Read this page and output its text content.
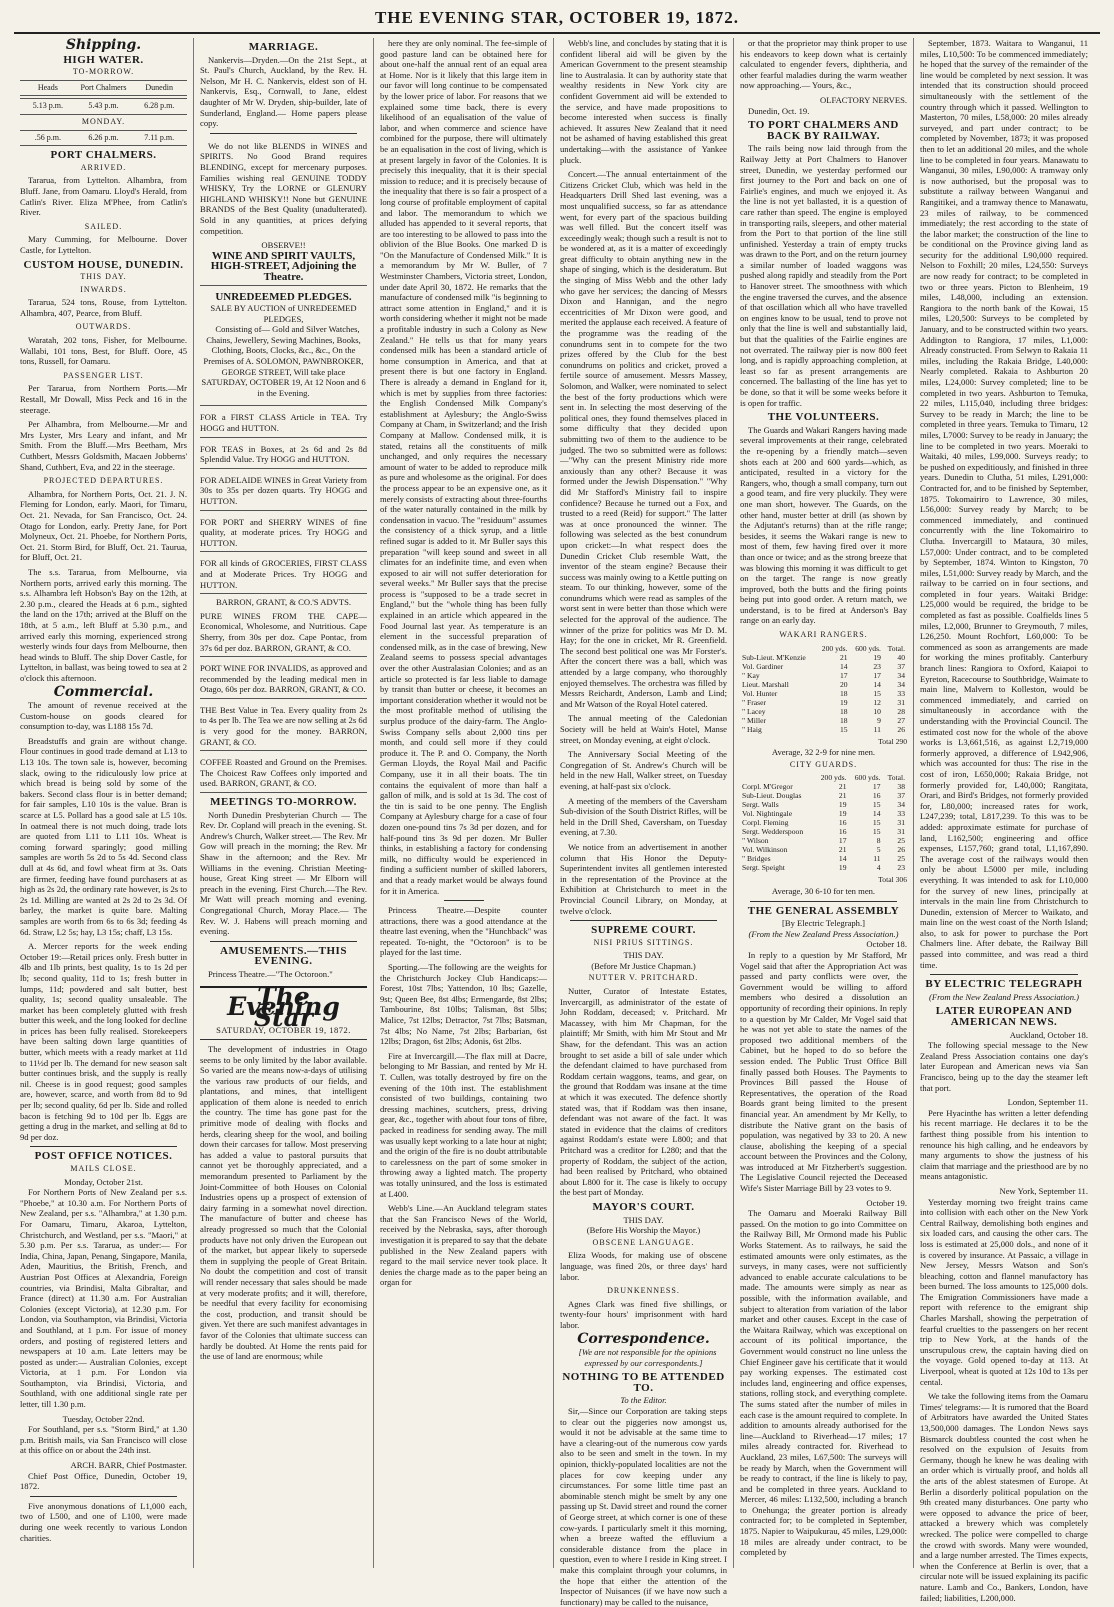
THE EVENING STAR, OCTOBER 19, 1872.
Shipping.
HIGH WATER.
TO-MORROW.
Heads	Port Chalmers	Dunedin
5.13 p.m.	5.43 p.m.	6.28 p.m.
MONDAY.
.56 p.m.	6.26 p.m.	7.11 p.m.
PORT CHALMERS.
ARRIVED.

Tararua, from Lyttelton. Alhambra, from Bluff. Jane, from Oamaru. Lloyd's Herald, from Catlin's River. Eliza M'Phee, from Catlin's River.

SAILED.

Mary Cumming, for Melbourne. Dover Castle, for Lyttelton.

CUSTOM HOUSE, DUNEDIN.
THIS DAY.
INWARDS.

Tararua, 524 tons, Rouse, from Lyttelton. Alhambra, 407, Pearce, from Bluff.

OUTWARDS.

Waratah, 202 tons, Fisher, for Melbourne. Wallabi, 101 tons, Best, for Bluff. Oore, 45 tons, Russell, for Oamaru.

PASSENGER LIST.

Per Tararua, from Northern Ports.—Mr Restall, Mr Dowall, Miss Peck and 16 in the steerage.

Per Alhambra, from Melbourne.—Mr and Mrs Lyster, Mrs Leary and infant, and Mr Smith. From the Bluff.—Mrs Beetham, Mrs Cuthbert, Messrs Goldsmith, Macaen Jobberns' Shand, Cuthbert, Eva, and 22 in the steerage.

PROJECTED DEPARTURES.

Alhambra, for Northern Ports, Oct. 21. J. N. Fleming for London, early. Maori, for Timaru, Oct. 21. Nevada, for San Francisco, Oct. 24. Otago for London, early. Pretty Jane, for Port Molyneux, Oct. 21. Phoebe, for Northern Ports, Oct. 21. Storm Bird, for Bluff, Oct. 21. Taurua, for Bluff, Oct. 21.

The s.s. Tararua, from Melbourne, via Northern ports, arrived early this morning. The s.s. Alhambra left Hobson's Bay on the 12th, at 2.30 p.m., cleared the Heads at 6 p.m., sighted the land on the 17th; arrived at the Bluff on the 18th, at 5 a.m., left Bluff at 5.30 p.m., and arrived early this morning, experienced strong westerly winds four days from Melbourne, then head winds to Bluff. The ship Dover Castle, for Lyttelton, in ballast, was being towed to sea at 2 o'clock this afternoon.

Commercial.

The amount of revenue received at the Custom-house on goods cleared for consumption to-day, was L188 15s 7d.

Breadstuffs and grain are without change. Flour continues in good trade demand at L13 to L13 10s. The town sale is, however, becoming slack, owing to the ridiculously low price at which bread is being sold by some of the bakers. Second class flour is in better demand; for fair samples, L10 10s is the value. Bran is scarce at L5. Pollard has a good sale at L5 10s. In oatmeal there is not much doing, trade lots are quoted from L11 to L11 10s. Wheat is coming forward sparingly; good milling samples are worth 5s 2d to 5s 4d. Second class dull at 4s 6d, and fowl wheat firm at 3s. Oats are firmer, feeding have found purchasers at as high as 2s 2d, the ordinary rate however, is 2s to 2s 1d. Milling are wanted at 2s 2d to 2s 3d. Of barley, the market is quite bare. Malting samples are worth from 6s to 6s 3d; feeding 4s 6d. Straw, L2 5s; hay, L3 15s; chaff, L3 15s.

A. Mercer reports for the week ending October 19:—Retail prices only. Fresh butter in 4lb and 1lb prints, best quality, 1s to 1s 2d per lb; second quality, 11d to 1s; fresh butter in lumps, 11d; powdered and salt butter, best quality, 1s; second quality unsaleable. The market has been completely glutted with fresh butter this week, and the long looked for decline in prices has been fully realised. Storekeepers have been salting down large quantities of butter, which meets with a ready market at 11d to 11½d per lb. The demand for new season salt butter continues brisk, and the supply is really nil. Cheese is in good request; good samples are, however, scarce, and worth from 8d to 9d per lb; second quality, 6d per lb. Side and rolled bacon is fetching 9d to 10d per lb. Eggs are getting a drug in the market, and selling at 8d to 9d per doz.

POST OFFICE NOTICES.
MAILS CLOSE.
Monday, October 21st.

For Northern Ports of New Zealand per s.s. "Phoebe," at 10.30 a.m. For Northern Ports of New Zealand, per s.s. "Alhambra," at 1.30 p.m. For Oamaru, Timaru, Akaroa, Lyttelton, Christchurch, and Westland, per s.s. "Maori," at 5.30 p.m. Per s.s. Tararua, as under:— For India, China, Japan, Penang, Singapore, Manila, Aden, Mauritius, the British, French, and Austrian Post Offices at Alexandria, Foreign countries, via Brindisi, Malta Gibraltar, and France (direct) at 11.30 a.m. For Australian Colonies (except Victoria), at 12.30 p.m. For London, via Southampton, via Brindisi, Victoria and Southland, at 1 p.m. For issue of money orders, and posting of registered letters and newspapers at 10 a.m. Late letters may be posted as under:— Australian Colonies, except Victoria, at 1 p.m. For London via Southampton, via Brindisi, Victoria, and Southland, with one additional single rate per letter, till 1.30 p.m.

Tuesday, October 22nd.

For Southland, per s.s. "Storm Bird," at 1.30 p.m. British mails, via San Francisco will close at this office on or about the 24th inst.

ARCH. BARR, Chief Postmaster.

Chief Post Office, Dunedin, October 19, 1872.

Five anonymous donations of L1,000 each, two of L500, and one of L100, were made during one week recently to various London charities.

MARRIAGE.

Nankervis—Dryden.—On the 21st Sept., at St. Paul's Church, Auckland, by the Rev. H. Nelson, Mr H. C. Nankervis, eldest son of H. Nankervis, Esq., Cornwall, to Jane, eldest daughter of Mr W. Dryden, ship-builder, late of Sunderland, England.— Home papers please copy.

We do not like BLENDS in WINES and SPIRITS. No Good Brand requires BLENDING, except for mercenary purposes. Families wishing real GENUINE TODDY WHISKY, Try the LORNE or GLENURY HIGHLAND WHISKY!! None but GENUINE BRANDS of the Best Quality (unadulterated). Sold in any quantities, at prices defying competition.

OBSERVE!!
WINE AND SPIRIT VAULTS, HIGH-STREET, Adjoining the Theatre.
UNREDEEMED PLEDGES.
SALE BY AUCTION of UNREDEEMED PLEDGES,

Consisting of— Gold and Silver Watches, Chains, Jewellery, Sewing Machines, Books, Clothing, Boots, Clocks, &c., &c., On the Premises of A. SOLOMON, PAWNBROKER, GEORGE STREET, Will take place SATURDAY, OCTOBER 19, At 12 Noon and 6 in the Evening.

FOR a FIRST CLASS Article in TEA. Try HOGG and HUTTON.
FOR TEAS in Boxes, at 2s 6d and 2s 8d Splendid Value. Try HOGG and HUTTON.
FOR ADELAIDE WINES in Great Variety from 30s to 35s per dozen quarts. Try HOGG and HUTTON.
FOR PORT and SHERRY WINES of fine quality, at moderate prices. Try HOGG and HUTTON.
FOR all kinds of GROCERIES, FIRST CLASS and at Moderate Prices. Try HOGG and HUTTON.
BARRON, GRANT, & CO.'S ADVTS.
PURE WINES FROM THE CAPE— Economical, Wholesome, and Nutritious. Cape Sherry, from 30s per doz. Cape Pontac, from 37s 6d per doz. BARRON, GRANT, & CO.
PORT WINE FOR INVALIDS, as approved and recommended by the leading medical men in Otago, 60s per doz. BARRON, GRANT, & CO.
THE Best Value in Tea. Every quality from 2s to 4s per lb. The Tea we are now selling at 2s 6d is very good for the money. BARRON, GRANT, & CO.
COFFEE Roasted and Ground on the Premises. The Choicest Raw Coffees only imported and used. BARRON, GRANT, & CO.
MEETINGS TO-MORROW.

North Dunedin Presbyterian Church — The Rev. Dr. Copland will preach in the evening. St. Andrew's Church, Walker street.— The Rev. Mr Gow will preach in the morning; the Rev. Mr Shaw in the afternoon; and the Rev. Mr Williams in the evening. Christian Meeting-house, Great King street — Mr Elborn will preach in the evening. First Church.—The Rev. Mr Watt will preach morning and evening. Congregational Church, Moray Place.— The Rev. W. J. Habens will preach morning and evening.

AMUSEMENTS.—THIS EVENING.

Princess Theatre.—"The Octoroon."

The Evening Star
SATURDAY, OCTOBER 19, 1872.

The development of industries in Otago seems to be only limited by the labor available. So varied are the means now-a-days of utilising the various raw products of our fields, and plantations, and mines, that intelligent application of them alone is needed to enrich the country. The time has gone past for the primitive mode of dealing with flocks and herds, clearing sheep for the wool, and boiling down their carcases for tallow. Most preserving has added a value to pastoral pursuits that cannot yet be thoroughly appreciated, and a memorandum presented to Parliament by the Joint-Committee of both Houses on Colonial Industries opens up a prospect of extension of dairy farming in a somewhat novel direction. The manufacture of butter and cheese has already progressed so much that the Colonial products have not only driven the European out of the market, but appear likely to supersede them in supplying the people of Great Britain. No doubt the competition and cost of transit will render necessary that sales should be made at very moderate profits; and it will, therefore, be needful that every facility for economising the cost, production, and transit should be given. Yet there are such manifest advantages in favor of the Colonies that ultimate success can hardly be doubted. At Home the rents paid for the use of land are enormous; while

here they are only nominal. The fee-simple of good pasture land can be obtained here for about one-half the annual rent of an equal area at Home. Nor is it likely that this large item in our favor will long continue to be compensated by the lower price of labor. For reasons that we explained some time back, there is every likelihood of an equalisation of the value of labor, and when commerce and science have combined for the purpose, there will ultimately be an equalisation in the cost of living, which is at present largely in favor of the Colonies. It is precisely this inequality, that it is their special mission to reduce; and it is precisely because of the inequality that there is so fair a prospect of a long course of profitable employment of capital and labor. The memorandum to which we alluded has appended to it several reports, that are too interesting to be allowed to pass into the oblivion of the Blue Books. One marked D is "On the Manufacture of Condensed Milk." It is a memorandum by Mr W. Buller, of 7 Westminster Chambers, Victoria street, London, under date April 30, 1872. He remarks that the manufacture of condensed milk "is beginning to attract some attention in England," and it is worth considering whether it might not be made a profitable industry in such a Colony as New Zealand." He tells us that for many years condensed milk has been a standard article of home consumption in America, and that at present there is but one factory in England. There is already a demand in England for it, which is met by supplies from three factories: the English Condensed Milk Company's establishment at Aylesbury; the Anglo-Swiss Company at Cham, in Switzerland; and the Irish Company at Mallow. Condensed milk, it is stated, retains all the constituents of milk unchanged, and only requires the necessary amount of water to be added to reproduce milk as pure and wholesome as the original. For does the process appear to be an expensive one, as it merely consists of extracting about three-fourths of the water naturally contained in the milk by condensation in vacuo. The "residuum" assumes the consistency of a thick syrup, and a little refined sugar is added to it. Mr Buller says this preparation "will keep sound and sweet in all climates for an indefinite time, and even when exposed to air will not suffer deterioration for several weeks." Mr Buller says that the precise process is "supposed to be a trade secret in England," but the "whole thing has been fully explained in an article which appeared in the Food Journal last year. As temperature is an element in the successful preparation of condensed milk, as in the case of brewing, New Zealand seems to possess special advantages over the other Australasian Colonies; and as an article so protected is far less liable to damage by transit than butter or cheese, it becomes an important consideration whether it would not be the most profitable method of utilising the surplus produce of the dairy-farm. The Anglo-Swiss Company sells about 2,000 tins per month, and could sell more if they could produce it. The P. and O. Company, the North German Lloyds, the Royal Mail and Pacific Company, use it in all their boats. The tin contains the equivalent of more than half a gallon of milk, and is sold at 1s 3d. The cost of the tin is said to be one penny. The English Company at Aylesbury charge for a case of four dozen one-pound tins 7s 3d per dozen, and for half-pound tins 3s 9d per dozen. Mr Buller thinks, in establishing a factory for condensing milk, no difficulty would be experienced in finding a sufficient number of skilled laborers, and that a ready market would be always found for it in America.

Princess Theatre.—Despite counter attractions, there was a good attendance at the theatre last evening, when the "Hunchback" was repeated. To-night, the "Octoroon" is to be played for the last time.

Sporting.—The following are the weights for the Christchurch Jockey Club Handicaps:—Forest, 10st 7lbs; Yattendon, 10 lbs; Gazelle, 9st; Queen Bee, 8st 4lbs; Ermengarde, 8st 2lbs; Tambourine, 8st 10lbs; Talisman, 8st 5lbs; Malice, 7st 12lbs; Detractor, 7st 7lbs; Batsman, 7st 4lbs; No Name, 7st 2lbs; Barbarian, 6st 12lbs; Dragon, 6st 2lbs; Adonis, 6st 2lbs.

Fire at Invercargill.—The flax mill at Dacre, belonging to Mr Bassian, and rented by Mr H. T. Cullen, was totally destroyed by fire on the evening of the 10th inst. The establishment consisted of two buildings, containing two dressing machines, scutchers, press, driving gear, &c., together with about four tons of fibre, packed in readiness for sending away. The mill was usually kept working to a late hour at night; and the origin of the fire is no doubt attributable to carelessness on the part of some smoker in throwing away a lighted match. The property was totally uninsured, and the loss is estimated at L400.

Webb's Line.—An Auckland telegram states that the San Francisco News of the World, received by the Nebraska, says, after thorough investigation it is prepared to say that the debate published in the New Zealand papers with regard to the mail service never took place. It denies the charge made as to the paper being an organ for

Webb's line, and concludes by stating that it is confident liberal aid will be given by the American Government to the present steamship line to Australasia. It can by authority state that wealthy residents in New York city are confident Government aid will be extended to the service, and have made propositions to become interested when success is finally achieved. It assures New Zealand that it need not be ashamed of having established this great undertaking—with the assistance of Yankee pluck.

Concert.—The annual entertainment of the Citizens Cricket Club, which was held in the Headquarters Drill Shed last evening, was a most unqualified success, so far as attendance went, for every part of the spacious building was well filled. But the concert itself was exceedingly weak; though such a result is not to be wondered at, as it is a matter of exceedingly great difficulty to obtain anything new in the shape of singing, which is the desideratum. But the singing of Miss Webb and the other lady who gave her services; the dancing of Messrs Dixon and Hannigan, and the negro eccentricities of Mr Dixon were good, and merited the applause each received. A feature of the programme was the reading of the conundrums sent in to compete for the two prizes offered by the Club for the best conundrums on politics and cricket, proved a fertile source of amusement. Messrs Massey, Solomon, and Walker, were nominated to select the best of the forty productions which were sent in. In selecting the most deserving of the political ones, they found themselves placed in some difficulty that they decided upon submitting two of them to the audience to be judged. The two so submitted were as follows:—"Why can the present Ministry ride more anxiously than any other? Because it was formed under the Jewish Dispensation." "Why did Mr Stafford's Ministry fail to inspire confidence? Because he turned out a Fox, and trusted to a reed (Reid) for support." The latter was at once pronounced the winner. The following was selected as the best conundrum upon cricket:—In what respect does the Dunedin Cricket Club resemble Watt, the inventor of the steam engine? Because their success was mainly owing to a Kettle putting on steam. To our thinking, however, some of the conundrums which were read as samples of the worst sent in were better than those which were selected for the approval of the audience. The winner of the prize for politics was Mr D. M. Hay; for the one in cricket, Mr R. Greenfield. The second best political one was Mr Forster's. After the concert there was a ball, which was attended by a large company, who thoroughly enjoyed themselves. The orchestra was filled by Messrs Reichardt, Anderson, Lamb and Lind; and Mr Watson of the Royal Hotel catered.

The annual meeting of the Caledonian Society will be held at Wain's Hotel, Manse street, on Monday evening, at eight o'clock.

The Anniversary Social Meeting of the Congregation of St. Andrew's Church will be held in the new Hall, Walker street, on Tuesday evening, at half-past six o'clock.

A meeting of the members of the Caversham Sub-division of the South District Rifles, will be held in the Drill Shed, Caversham, on Tuesday evening, at 7.30.

We notice from an advertisement in another column that His Honor the Deputy-Superintendent invites all gentlemen interested in the representation of the Province at the Exhibition at Christchurch to meet in the Provincial Council Library, on Monday, at twelve o'clock.

SUPREME COURT.
NISI PRIUS SITTINGS.
THIS DAY.
(Before Mr Justice Chapman.)
NUTTER V. PRITCHARD.

Nutter, Curator of Intestate Estates, Invercargill, as administrator of the estate of John Roddam, deceased; v. Pritchard. Mr Macassey, with him Mr Chapman, for the plaintiff; Mr Smith, with him Mr Stout and Mr Shaw, for the defendant. This was an action brought to set aside a bill of sale under which the defendant claimed to have purchased from Roddam certain waggons, teams, and gear, on the ground that Roddam was insane at the time at which it was executed. The defence shortly stated was, that if Roddam was then insane, defendant was not aware of the fact. It was stated in evidence that the claims of creditors against Roddam's estate were L800; and that Pritchard was a creditor for L280; and that the property of Roddam, the subject of the action, had been realised by Pritchard, who obtained about L800 for it. The case is likely to occupy the best part of Monday.

MAYOR'S COURT.
THIS DAY.
(Before His Worship the Mayor.)
OBSCENE LANGUAGE.

Eliza Woods, for making use of obscene language, was fined 20s, or three days' hard labor.

DRUNKENNESS.

Agnes Clark was fined five shillings, or twenty-four hours' imprisonment with hard labor.

Correspondence.

[We are not responsible for the opinions expressed by our correspondents.]

NOTHING TO BE ATTENDED TO.
To the Editor.

Sir,—Since our Corporation are taking steps to clear out the piggeries now amongst us, would it not be advisable at the same time to have a clearing-out of the numerous cow yards also to be seen and smelt in the town. In my opinion, thickly-populated localities are not the places for cow keeping under any circumstances. For some little time past an abominable stench might be smelt by any one passing up St. David street and round the corner of George street, at which corner is one of these cow-yards. I particularly smelt it this morning, when a breeze wafted the effluvium a considerable distance from the place in question, even to where I reside in King street. I make this complaint through your columns, in the hope that either the attention of the Inspector of Nuisances (if we have now such a functionary) may be called to the nuisance,

or that the proprietor may think proper to use his endeavors to keep down what is certainly calculated to engender fevers, diphtheria, and other fearful maladies during the warm weather now approaching.— Yours, &c.,

OLFACTORY NERVES.

Dunedin, Oct. 19.

TO PORT CHALMERS AND BACK BY RAILWAY.

The rails being now laid through from the Railway Jetty at Port Chalmers to Hanover street, Dunedin, we yesterday performed our first journey to the Port and back on one of Fairlie's engines, and much we enjoyed it. As the line is not yet ballasted, it is a question of care rather than speed. The engine is employed in transporting rails, sleepers, and other material from the Port to that portion of the line still unfinished. Yesterday a train of empty trucks was drawn to the Port, and on the return journey a similar number of loaded waggons was pushed along rapidly and steadily from the Port to Hanover street. The smoothness with which the engine traversed the curves, and the absence of that oscillation which all who have travelled on engines know to be usual, tend to prove not only that the line is well and substantially laid, but that the qualities of the Fairlie engines are not overrated. The railway pier is now 800 feet long, and is rapidly approaching completion, at least so far as present arrangements are concerned. The ballasting of the line has yet to be done, so that it will be some weeks before it is open for traffic.

THE VOLUNTEERS.

The Guards and Wakari Rangers having made several improvements at their range, celebrated the re-opening by a friendly match—seven shots each at 200 and 600 yards—which, as anticipated, resulted in a victory for the Rangers, who, though a small company, turn out a good team, and fire very pluckily. They were one man short, however. The Guards, on the other hand, muster better at drill (as shown by the Adjutant's returns) than at the rifle range; besides, it seems the Wakari range is new to most of them, few having fired over it more than once or twice; and as the strong breeze that was blowing this morning it was difficult to get on the target. The range is now greatly improved, both the butts and the firing points being put into good order. A return match, we understand, is to be fired at Anderson's Bay range on an early day.

WAKARI RANGERS.
	200 yds.	600 yds.	Total.
Sub-Lieut. M'Kenzie	21	19	40
Vol. Gardiner	14	23	37
" Kay	17	17	34
Lieut. Marshall	20	14	34
Vol. Hunter	18	15	33
" Fraser	19	12	31
" Lacey	18	10	28
" Miller	18	9	27
" Haig	15	11	26
Total 290
Average, 32 2-9 for nine men.
CITY GUARDS.
	200 yds.	600 yds.	Total.
Corpl. M'Gregor	21	17	38
Sub-Lieut. Douglas	21	16	37
Sergt. Walls	19	15	34
Vol. Nightingale	19	14	33
Corpl. Fleming	16	15	31
Sergt. Wedderspoon	16	15	31
" Wilson	17	8	25
Vol. Wilkinson	21	5	26
" Bridges	14	11	25
Sergt. Speight	19	4	23
Total 306
Average, 30 6-10 for ten men.
THE GENERAL ASSEMBLY
[By Electric Telegraph.]
(From the New Zealand Press Association.)
October 18.

In reply to a question by Mr Stafford, Mr Vogel said that after the Appropriation Act was passed and party conflicts were over, the Government would be willing to afford members who desired a dissolution an opportunity of recording their opinions. In reply to a question by Mr Calder, Mr Vogel said that he was not yet able to state the names of the proposed two additional members of the Cabinet, but he hoped to do so before the session ended. The Public Trust Office Bill finally passed both Houses. The Payments to Provinces Bill passed the House of Representatives, the operation of the Road Boards grant being limited to the present financial year. An amendment by Mr Kelly, to distribute the Native grant on the basis of population, was negatived by 33 to 20. A new clause, abolishing the keeping of a special account between the Provinces and the Colony, was introduced at Mr Fitzherbert's suggestion. The Legislative Council rejected the Deceased Wife's Sister Marriage Bill by 23 votes to 9.

October 19.

The Oamaru and Moeraki Railway Bill passed. On the motion to go into Committee on the Railway Bill, Mr Ormond made his Public Works Statement. As to railways, he said the estimated amounts were only estimates, as the surveys, in many cases, were not sufficiently advanced to enable accurate calculations to be made. The amounts were simply as near as possible, with the information available, and subject to alteration from variation of the labor market and other causes. Except in the case of the Waitara Railway, which was exceptional on account of its political importance, the Government would construct no line unless the Chief Engineer gave his certificate that it would pay working expenses. The estimated cost includes land, engineering and office expenses, stations, rolling stock, and everything complete. The sums stated after the number of miles in each case is the amount required to complete. In addition to amounts already authorised for the line—Auckland to Riverhead—17 miles; 17 miles already contracted for. Riverhead to Auckland, 23 miles, L67,500: The surveys will be ready by March, when the Government will be ready to contract, if the line is likely to pay, and be completed in three years. Auckland to Mercer, 46 miles: L132,500, including a branch to Onehunga; the greater portion is already contracted for; to be completed in September, 1875. Napier to Waipukurau, 45 miles, L29,000: 18 miles are already under contract, to be completed by

September, 1873. Waitara to Wanganui, 11 miles, L10,500: To be commenced immediately; he hoped that the survey of the remainder of the line would be completed by next session. It was intended that its construction should proceed simultaneously with the settlement of the country through which it passed. Wellington to Masterton, 70 miles, L58,000: 20 miles already surveyed, and part under contract; to be completed by November, 1873; it was proposed then to let an additional 20 miles, and the whole line to be completed in four years. Manawatu to Wanganui, 30 miles, L90,000: A tramway only is now authorised, but the proposal was to substitute a railway between Wanganui and Rangitikei, and a tramway thence to Manawatu, 23 miles of railway, to be commenced immediately; the rest according to the state of the labor market; the construction of the line to be conditional on the Province giving land as security for the additional L90,000 required. Nelson to Foxhill; 20 miles, L24,550: Surveys are now ready for contract; to be completed in two or three years. Picton to Blenheim, 19 miles, L48,000, including an extension. Rangiora to the north bank of the Kowai, 15 miles, L20,500: Surveys to be completed by January, and to be constructed within two years. Addington to Rangiora, 17 miles, L1,000: Already constructed. From Selwyn to Rakaia 11 miles, including the Rakaia Bridge, L40,000: Nearly completed. Rakaia to Ashburton 20 miles, L24,000: Survey completed; line to be completed in two years. Ashburton to Temuka, 22 miles, L115,040, including three bridges: Survey to be ready in March; the line to be completed in three years. Temuka to Timaru, 12 miles, L7000: Survey to be ready in January; the line to be completed in two years. Moeraki to Waitaki, 40 miles, L99,000. Surveys ready; to be pushed on expeditiously, and finished in three years. Dunedin to Clutha, 51 miles, L291,000: Contracted for, and to be finished by September, 1875. Tokomairiro to Lawrence, 30 miles, L56,000: Survey ready by March; to be commenced immediately, and continued concurrently with the line Tokomairiro to Clutha. Invercargill to Mataura, 30 miles, L57,000: Under contract, and to be completed by September, 1874. Winton to Kingston, 70 miles, L51,000: Survey ready by March, and the railway to be carried on in four sections, and completed in four years. Waitaki Bridge: L25,000 would be required, the bridge to be completed as fast as possible. Coalfields lines 5 miles, L2,000, Brunner to Greymouth, 7 miles, L26,250. Mount Rochfort, L60,000: To be commenced as soon as arrangements are made for working the mines profitably. Canterbury branch lines: Rangiora to Oxford, Kaiapoi to Eyreton, Racecourse to Southbridge, Waimate to main line, Malvern to Kolleston, would be commenced immediately, and carried on simultaneously in accordance with the understanding with the Provincial Council. The estimated cost now for the whole of the above works is L3,661,516, as against L2,719,000 formerly approved, a difference of L942,906, which was accounted for thus: The rise in the cost of iron, L650,000; Rakaia Bridge, not formerly provided for, L40,000; Rangitata, Orari, and Bird's Bridges, not formerly provided for, L80,000; increased rates for work, L247,239; total, L817,239. To this was to be added: approximate estimate for purchase of land, L162,500; engineering and office expenses, L157,760; grand total, L1,167,890. The average cost of the railways would then only be about L5000 per mile, including everything. It was intended to ask for L10,000 for the survey of new lines, principally at intervals in the main line from Christchurch to Dunedin, extension of Mercer to Waikato, and main line on the west coast of the North Island; also, to ask for power to purchase the Port Chalmers line. After debate, the Railway Bill passed into committee, and was read a third time.

BY ELECTRIC TELEGRAPH
(From the New Zealand Press Association.)
LATER EUROPEAN AND AMERICAN NEWS.
Auckland, October 18.

The following special message to the New Zealand Press Association contains one day's later European and American news via San Francisco, being up to the day the steamer left that port.

London, September 11.

Pere Hyacinthe has written a letter defending his recent marriage. He declares it to be the farthest thing possible from his intention to renounce his high calling, and he endeavors by many arguments to show the justness of his claim that marriage and the priesthood are by no means antagonistic.

New York, September 11.

Yesterday morning two freight trains came into collision with each other on the New York Central Railway, demolishing both engines and six loaded cars, and causing the other cars. The loss is estimated at 25,000 dols., and none of it is covered by insurance. At Passaic, a village in New Jersey, Messrs Watson and Son's bleaching, cotton and flannel manufactory has been burned. The loss amounts to 125,000 dols. The Emigration Commissioners have made a report with reference to the emigrant ship Charles Marshall, showing the perpetration of fearful cruelties to the passengers on her recent trip to New York, at the hands of the unscrupulous crew, the captain having died on the voyage. Gold opened to-day at 113. At Liverpool, wheat is quoted at 12s 10d to 13s per cental.

We take the following items from the Oamaru Times' telegrams:— It is rumored that the Board of Arbitrators have awarded the United States 13,500,000 damages. The London News says Bismarck doubtless counted the cost when he resolved on the expulsion of Jesuits from Germany, though he knew he was dealing with an order which is virtually proof, and holds all the arts of the ablest statesmen of Europe. At Berlin a disorderly political population on the 9th created many disturbances. One party who were opposed to advance the price of beer, attacked a brewery which was completely wrecked. The police were compelled to charge the crowd with swords. Many were wounded, and a large number arrested. The Times expects, when the Conference at Berlin is over, that a circular note will be issued explaining its pacific nature. Lamb and Co., Bankers, London, have failed; liabilities, L200,000.
